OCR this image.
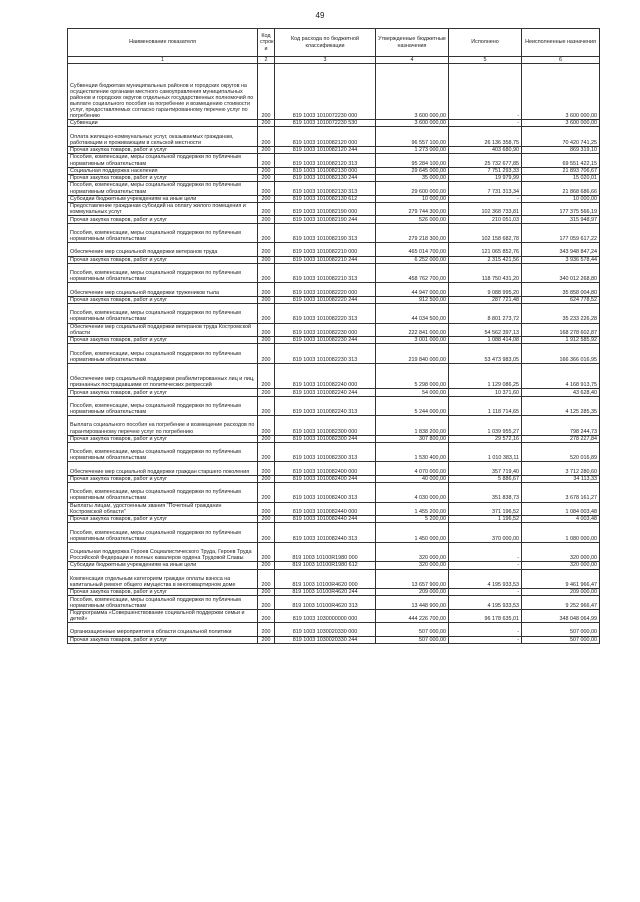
49
Наименование показателя	Код строк и	Код расхода по бюджетной классификации	Утвержденные бюджетные назначения	Исполнено	Неисполненные назначения
1	2	3	4	5	6
Субвенции бюджетам муниципальных районов и городских округов на осуществление органами местного самоуправления муниципальных районов и городских округов отдельных государственных полномочий по выплате социального пособия на погребение и возмещению стоимости услуг, предоставляемых согласно гарантированному перечню услуг по погребению	200	819 1003 1010072230 000	3 600 000,00	-	3 600 000,00
Субвенции	200	819 1003 1010072230 530	3 600 000,00	-	3 600 000,00
Оплата жилищно-коммунальных услуг, оказываемых гражданам, работающим и проживающим в сельской местности	200	819 1003 1010082120 000	96 557 100,00	26 136 358,75	70 420 741,25
Прочая закупка товаров, работ и услуг	200	819 1003 1010082120 244	1 273 000,00	403 680,90	869 319,10
Пособия, компенсации, меры социальной поддержки по публичным нормативным обязательствам	200	819 1003 1010082120 313	95 284 100,00	25 732 677,85	69 551 422,15
Социальная поддержка населения	200	819 1003 1010082130 000	29 645 000,00	7 751 293,33	21 893 706,67
Прочая закупка товаров, работ и услуг	200	819 1003 1010082130 244	35 000,00	19 979,99	15 020,01
Пособия, компенсации, меры социальной поддержки по публичным нормативным обязательствам	200	819 1003 1010082130 313	29 600 000,00	7 731 313,34	21 868 686,66
Субсидии бюджетным учреждениям на иные цели	200	819 1003 1010082130 612	10 000,00	-	10 000,00
Предоставление гражданам субсидий на оплату жилого помещения и коммунальных услуг	200	819 1003 1010082190 000	279 744 300,00	102 368 733,81	177 375 566,19
Прочая закупка товаров, работ и услуг	200	819 1003 1010082190 244	526 000,00	210 051,03	315 948,97
Пособия, компенсации, меры социальной поддержки по публичным нормативным обязательствам	200	819 1003 1010082190 313	279 218 300,00	102 158 682,78	177 059 617,22
Обеспечение мер социальной поддержки ветеранов труда	200	819 1003 1010082210 000	465 014 700,00	121 065 852,76	343 948 847,24
Прочая закупка товаров, работ и услуг	200	819 1003 1010082210 244	6 252 000,00	2 315 421,56	3 936 578,44
Пособия, компенсации, меры социальной поддержки по публичным нормативным обязательствам	200	819 1003 1010082210 313	458 762 700,00	118 750 431,20	340 012 268,80
Обеспечение мер социальной поддержки тружеников тыла	200	819 1003 1010082220 000	44 947 000,00	9 088 995,20	35 858 004,80
Прочая закупка товаров, работ и услуг	200	819 1003 1010082220 244	912 500,00	287 721,48	624 778,52
Пособия, компенсации, меры социальной поддержки по публичным нормативным обязательствам	200	819 1003 1010082220 313	44 034 500,00	8 801 273,72	35 233 226,28
Обеспечение мер социальной поддержки ветеранов труда Костромской области	200	819 1003 1010082230 000	222 841 000,00	54 562 397,13	168 278 602,87
Прочая закупка товаров, работ и услуг	200	819 1003 1010082230 244	3 001 000,00	1 088 414,08	1 912 585,92
Пособия, компенсации, меры социальной поддержки по публичным нормативным обязательствам	200	819 1003 1010082230 313	219 840 000,00	53 473 983,05	166 366 016,95
Обеспечение мер социальной поддержки реабилитированных лиц и лиц, признанных пострадавшими от политических репрессий	200	819 1003 1010082240 000	5 298 000,00	1 129 086,25	4 168 913,75
Прочая закупка товаров, работ и услуг	200	819 1003 1010082240 244	54 000,00	10 371,60	43 628,40
Пособия, компенсации, меры социальной поддержки по публичным нормативным обязательствам	200	819 1003 1010082240 313	5 244 000,00	1 118 714,65	4 125 285,35
Выплата социального пособия на погребение и возмещение расходов по гарантированному перечню услуг по погребению	200	819 1003 1010082300 000	1 838 200,00	1 039 955,27	798 244,73
Прочая закупка товаров, работ и услуг	200	819 1003 1010082300 244	307 800,00	29 572,16	278 227,84
Пособия, компенсации, меры социальной поддержки по публичным нормативным обязательствам	200	819 1003 1010082300 313	1 530 400,00	1 010 383,11	520 016,89
Обеспечение мер социальной поддержки граждан старшего поколения	200	819 1003 1010082400 000	4 070 000,00	357 719,40	3 712 280,60
Прочая закупка товаров, работ и услуг	200	819 1003 1010082400 244	40 000,00	5 886,67	34 113,33
Пособия, компенсации, меры социальной поддержки по публичным нормативным обязательствам	200	819 1003 1010082400 313	4 030 000,00	351 838,73	3 678 161,27
Выплаты лицам, удостоенным звания "Почетный гражданин Костромской области"	200	819 1003 1010082440 000	1 455 200,00	371 196,52	1 084 003,48
Прочая закупка товаров, работ и услуг	200	819 1003 1010082440 244	5 200,00	1 196,52	4 003,48
Пособия, компенсации, меры социальной поддержки по публичным нормативным обязательствам	200	819 1003 1010082440 313	1 450 000,00	370 000,00	1 080 000,00
Социальная поддержка Героев Социалистического Труда, Героев Труда Российской Федерации и полных кавалеров ордена Трудовой Славы	200	819 1003 10100R1980 000	320 000,00	-	320 000,00
Субсидии бюджетным учреждениям на иные цели	200	819 1003 10100R1980 612	320 000,00	-	320 000,00
Компенсация отдельным категориям граждан оплаты взноса на капитальный ремонт общего имущества в многоквартирном доме	200	819 1003 10100R4620 000	13 657 900,00	4 195 933,53	9 461 966,47
Прочая закупка товаров, работ и услуг	200	819 1003 10100R4620 244	209 000,00	-	209 000,00
Пособия, компенсации, меры социальной поддержки по публичным нормативным обязательствам	200	819 1003 10100R4620 313	13 448 900,00	4 195 933,53	9 252 966,47
Подпрограмма «Совершенствование социальной поддержки семьи и детей»	200	819 1003 1030000000 000	444 226 700,00	96 178 635,01	348 048 064,99
Организационные мероприятия в области социальной политики	200	819 1003 1030020330 000	507 000,00	-	507 000,00
Прочая закупка товаров, работ и услуг	200	819 1003 1030020330 244	507 000,00	-	507 000,00
